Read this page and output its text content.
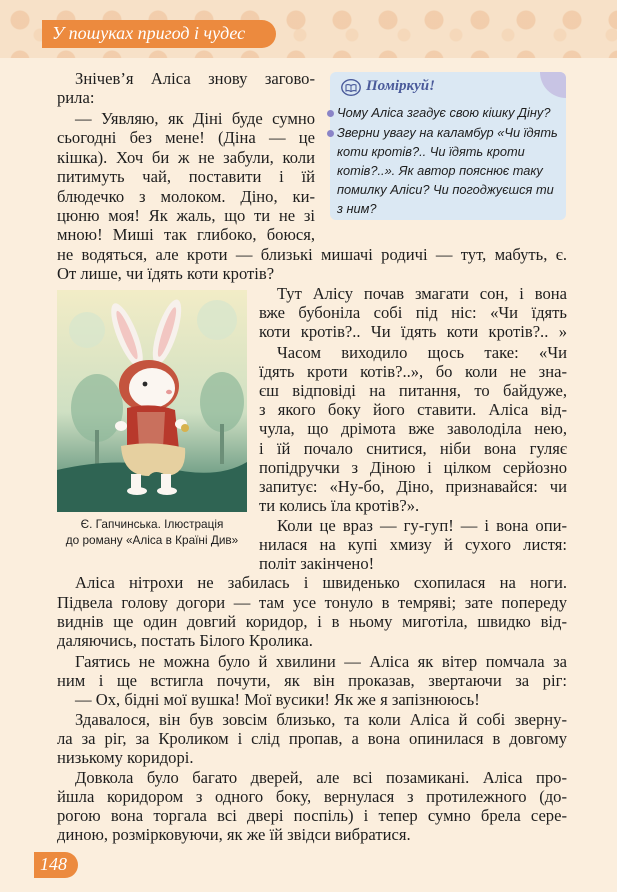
У пошуках пригод і чудес
Знічев’я Аліса знову загово-
рила:
— Уявляю, як Діні буде сумно
сьогодні без мене! (Діна — це
кішка). Хоч би ж не забули, коли
питимуть чай, поставити і їй
блюдечко з молоком. Діно, ки-
цюню моя! Як жаль, що ти не зі
мною! Миші так глибоко, боюся,
Поміркуй!
Чому Аліса згадує свою кішку Діну?
Зверни увагу на каламбур «Чи їдять
коти кротів?.. Чи їдять кроти
котів?..». Як автор пояснює таку
помилку Аліси? Чи погоджуєшся ти
з ним?
не водяться, але кроти — близькі мишачі родичі — тут, мабуть, є.
От лише, чи їдять коти кротів?
Є. Гапчинська. Ілюстрація
до роману «Аліса в Країні Див»
Тут Алісу почав змагати сон, і вона
вже бубоніла собі під ніс: «Чи їдять
коти кротів?.. Чи їдять коти кротів?.. »
Часом виходило щось таке: «Чи
їдять кроти котів?..», бо коли не зна-
єш відповіді на питання, то байдуже,
з якого боку його ставити. Аліса від-
чула, що дрімота вже заволоділа нею,
і їй почало снитися, ніби вона гуляє
попідручки з Діною і цілком серйозно
запитує: «Ну-бо, Діно, признавайся: чи
ти колись їла кротів?».
Коли це враз — гу-гуп! — і вона опи-
нилася на купі хмизу й сухого листя:
політ закінчено!
Аліса нітрохи не забилась і швиденько схопилася на ноги.
Підвела голову догори — там усе тонуло в темряві; зате попереду
виднів ще один довгий коридор, і в ньому миготіла, швидко від-
даляючись, постать Білого Кролика.
Гаятись не можна було й хвилини — Аліса як вітер помчала за
ним і ще встигла почути, як він проказав, звертаючи за ріг:
— Ох, бідні мої вушка! Мої вусики! Як же я запізнююсь!
Здавалося, він був зовсім близько, та коли Аліса й собі зверну-
ла за ріг, за Кроликом і слід пропав, а вона опинилася в довгому
низькому коридорі.
Довкола було багато дверей, але всі позамикані. Аліса про-
йшла коридором з одного боку, вернулася з протилежного (до-
рогою вона торгала всі двері поспіль) і тепер сумно брела сере-
диною, розмірковуючи, як же їй звідси вибратися.
148
